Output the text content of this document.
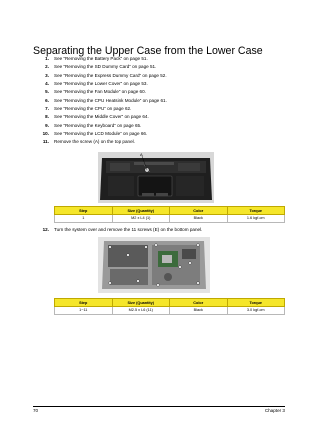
Separating the Upper Case from the Lower Case
1. See “Removing the Battery Pack” on page 51.
2. See “Removing the SD Dummy Card” on page 51.
3. See “Removing the Express Dummy Card” on page 52.
4. See “Removing the Lower Cover” on page 53.
5. See “Removing the Fan Module” on page 60.
6. See “Removing the CPU Heatsink Module” on page 61.
7. See “Removing the CPU” on page 62.
8. See “Removing the Middle Cover” on page 64.
9. See “Removing the Keyboard” on page 65.
10. See “Removing the LCD Module” on page 66.
11. Remove the screw (A) on the top panel.
A
Step	Size (Quantity)	Color	Torque
1	M2 x L4 (1)	Black	1.6 kgf-cm
12. Turn the system over and remove the 11 screws (E) on the bottom panel.
Step	Size (Quantity)	Color	Torque
1~11	M2.5 x L6 (11)	Black	3.0 kgf-cm
70	Chapter 3
